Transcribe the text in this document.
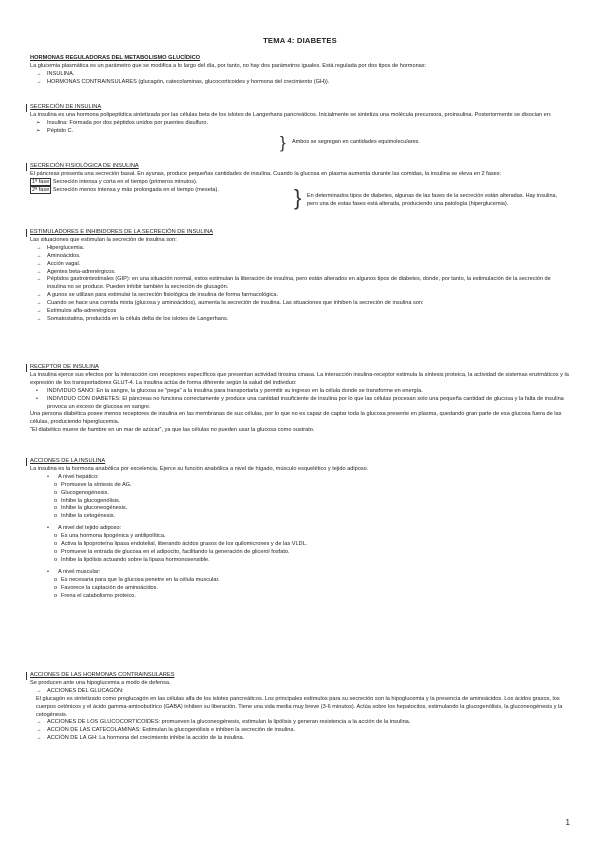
TEMA 4: DIABETES
HORMONAS REGULADORAS DEL METABOLISMO GLUCÍDICO

La glucemia plasmática es un parámetro que se modifica a lo largo del día, por tanto, no hay dos parámetros iguales. Está regulada por dos tipos de hormonas:

→ INSULINA.
→ HORMONAS CONTRAINSULARES (glucagón, catecolaminas, glucocorticoides y hormona del crecimiento (GH)).
SECRECIÓN DE INSULINA

La insulina es una hormona polipeptídica sintetizada por las células beta de los islotes de Langerhans pancreáticos. Inicialmente se sintetiza una molécula precursora, proinsulina. Posteriormente se disocian en:

➢ Insulina: Formada por dos péptidos unidos por puentes disulfuro.
➢ Péptido C.
} Ambos se segregan en cantidades equimoleculares.
SECRECIÓN FISIOLÓGICA DE INSULINA

El páncreas presenta una secreción basal. En ayunas, produce pequeñas cantidades de insulina. Cuando la glucosa en plasma aumenta durante las comidas, la insulina se eleva en 2 fases:

1ª fase Secreción intensa y corta en el tiempo (primeros minutos).
2ª fase Secreción menos intensa y más prolongada en el tiempo (meseta).	} En determinados tipos de diabetes, algunas de las fases de la secreción están alteradas. Hay insulina, pero una de estas fases está alterada, produciendo una patología (hiperglucemia).
ESTIMULADORES E INHIBIDORES DE LA SECRECIÓN DE INSULINA

Las situaciones que estimulan la secreción de insulina son:

→ Hiperglucemia.
→ Aminoácidos.
→ Acción vagal.
→ Agentes beta-adrenérgicos.
→ Péptidos gastrointestinales (GIP): en una situación normal, estos estimulan la liberación de insulina, pero están alterados en algunos tipos de diabetes, donde, por tanto, la estimulación de la secreción de insulina no se produce. Pueden inhibir también la secreción de glucagón.
→ A gunos se utilizan para estimular la secreción fisiológica de insulina de forma farmacológica.
→ Cuando se hace una comida mixta (glucosa y aminoácidos), aumenta la secreción de insulina. Las situaciones que inhiben la secreción de insulina son:
→ Estímulos alfa-adrenérgicos
→ Somatostatina, producida en la célula delta de los islotes de Langerhans.
RECEPTOR DE INSULINA

La insulina ejerce sus efectos por la interacción con receptores específicos que presentan actividad tirosina cinasa. La interacción insulina-receptor estimula la síntesis proteica, la actividad de sistemas enzimáticos y la expresión de los transportadores GLUT-4. La insulina actúa de forma diferente según la salud del individuo:

• INDIVIDUO SANO: En la sangre, la glucosa se "pega" a la insulina para transportarla y permitir su ingreso en la célula donde se transforme en energía.
• INDIVIDUO CON DIABETES: El páncreas no funciona correctamente y produce una cantidad insuficiente de insulina por lo que las células procesan solo una pequeña cantidad de glucosa y la falta de insulina provoca un exceso de glucosa en sangre.

Una persona diabética posee menos receptores de insulina en las membranas de sus células, por lo que no es capaz de captar toda la glucosa presente en plasma, quedando gran parte de esa glucosa fuera de las células, produciendo hiperglucemia.

"El diabético muere de hambre en un mar de azúcar", ya que las células no pueden usar la glucosa como sustrato.

ACCIONES DE LA INSULINA

La insulina es la hormona anabólica por excelencia. Ejerce su función anabólica a nivel de hígado, músculo esquelético y tejido adiposo.

• A nivel hepático:
o Promueve la síntesis de AG.
o Glucogenogénesis.
o Inhibe la glucogenólisis.
o Inhibe la gluconeogénesis.
o Inhibe la cetogénesis.
• A nivel del tejido adiposo:
o Es una hormona lipogénica y antilipolítica.
o Activa la lipoproteína lipasa endotelial, liberando ácidos grasos de los quilomicrones y de las VLDL.
o Promueve la entrada de glucosa en el adipocito, facilitando la generación de glicerol fosfato.
o Inhibe la lipólisis actuando sobre la lipasa hormonosensible.
• A nivel muscular:
o Es necesaria para que la glucosa penetre en la célula muscular.
o Favorece la captación de aminoácidos.
o Frena el catabolismo proteico.
ACCIONES DE LAS HORMONAS CONTRAINSULARES

Se producen ante una hipoglucemia a modo de defensa.

→ ACCIONES DEL GLUCAGÓN:

El glucagón es sintetizado como proglucagón en las células alfa de los islotes pancreáticos. Los principales estímulos para su secreción son la hipoglucemia y la presencia de aminoácidos. Los ácidos grasos, los cuerpos cetónicos y el ácido gamma-aminobutírico (GABA) inhiben su liberación. Tiene una vida media muy breve (3-6 minutos). Actúa sobre los hepatocitos, estimulando la glucogenólisis, la gluconeogénesis y la cetogénesis.

→ ACCIONES DE LOS GLUCOCORTICOIDES: promueven la gluconeogénesis, estimulan la lipólisis y generan resistencia a la acción de la insulina.
→ ACCIÓN DE LAS CATECOLAMINAS: Estimulan la glucogenólisis e inhiben la secreción de insulina.
→ ACCIÓN DE LA GH: La hormona del crecimiento inhibe la acción de la insulina.
1
